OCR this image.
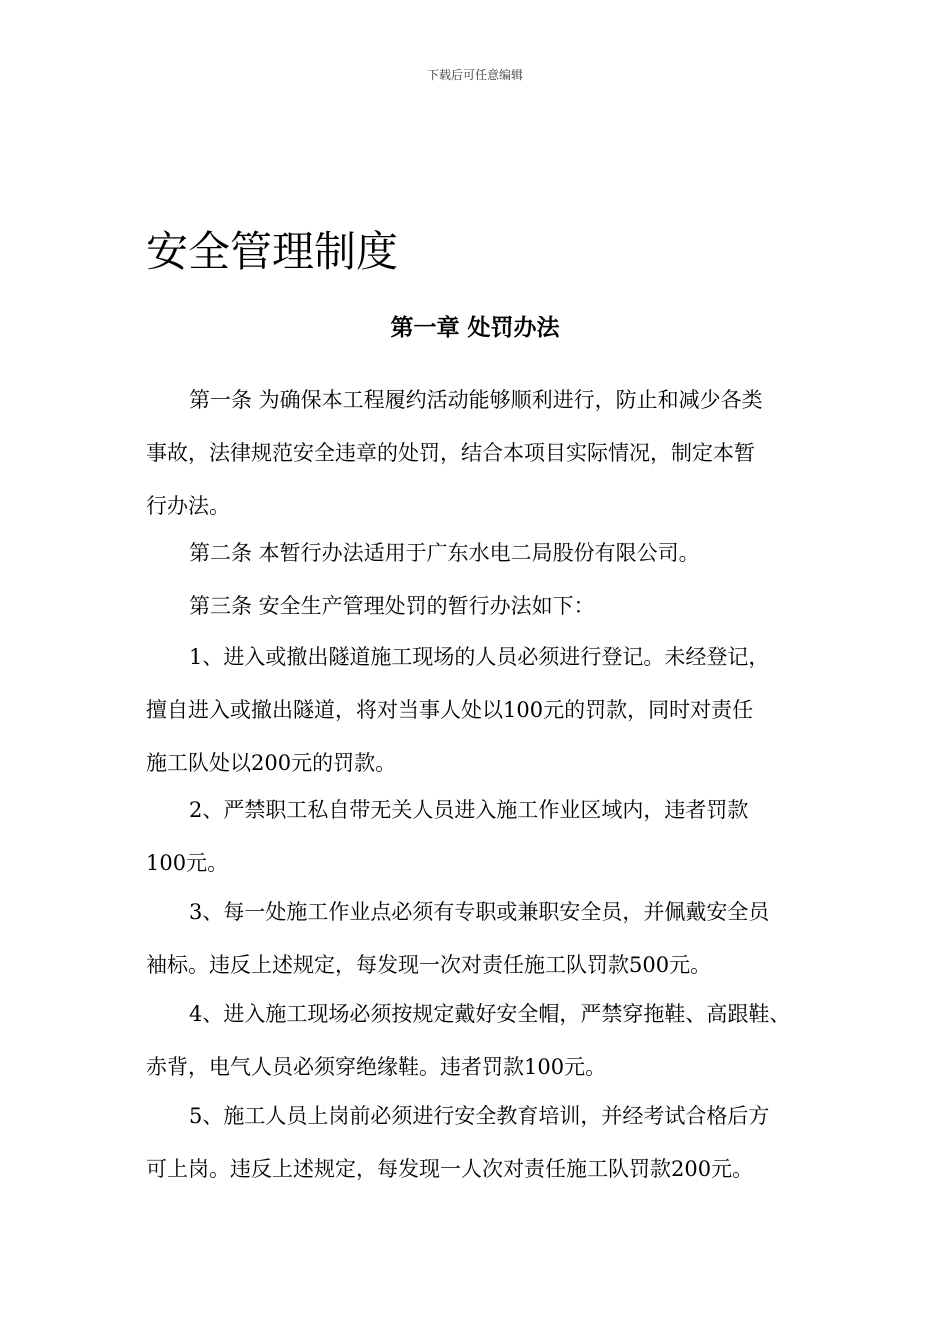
下载后可任意编辑
安全管理制度
第一章 处罚办法
第一条 为确保本工程履约活动能够顺利进行，防止和减少各类
事故，法律规范安全违章的处罚，结合本项目实际情况，制定本暂
行办法。
第二条 本暂行办法适用于广东水电二局股份有限公司。
第三条 安全生产管理处罚的暂行办法如下：
1、进入或撤出隧道施工现场的人员必须进行登记。未经登记，
擅自进入或撤出隧道，将对当事人处以100元的罚款，同时对责任
施工队处以200元的罚款。
2、严禁职工私自带无关人员进入施工作业区域内，违者罚款
100元。
3、每一处施工作业点必须有专职或兼职安全员，并佩戴安全员
袖标。违反上述规定，每发现一次对责任施工队罚款500元。
4、进入施工现场必须按规定戴好安全帽，严禁穿拖鞋、高跟鞋、
赤背，电气人员必须穿绝缘鞋。违者罚款100元。
5、施工人员上岗前必须进行安全教育培训，并经考试合格后方
可上岗。违反上述规定，每发现一人次对责任施工队罚款200元。
